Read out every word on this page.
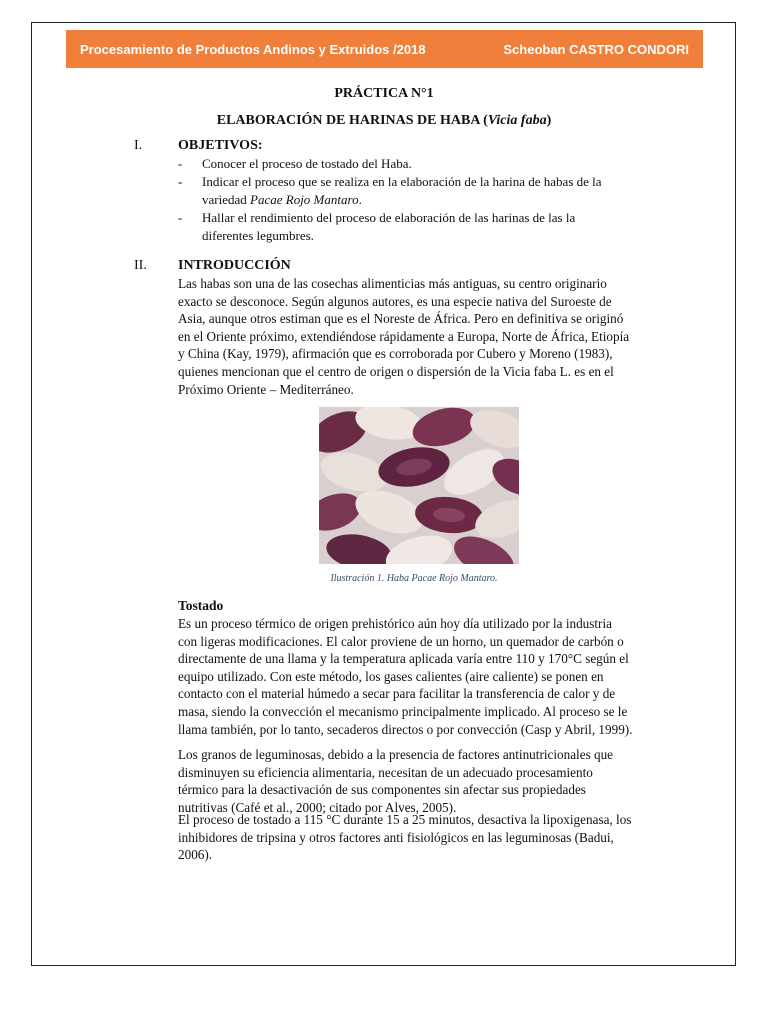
Procesamiento de Productos Andinos y Extruidos /2018	Scheoban CASTRO CONDORI
PRÁCTICA N°1
ELABORACIÓN DE HARINAS DE HABA (Vicia faba)
I.	OBJETIVOS:
-	Conocer el proceso de tostado del Haba.
-	Indicar el proceso que se realiza en la elaboración de la harina de habas de la variedad Pacae Rojo Mantaro.
-	Hallar el rendimiento del proceso de elaboración de las harinas de las la diferentes legumbres.
II. INTRODUCCIÓN

Las habas son una de las cosechas alimenticias más antiguas, su centro originario exacto se desconoce. Según algunos autores, es una especie nativa del Suroeste de Asia, aunque otros estiman que es el Noreste de África. Pero en definitiva se originó en el Oriente próximo, extendiéndose rápidamente a Europa, Norte de África, Etiopía y China (Kay, 1979), afirmación que es corroborada por Cubero y Moreno (1983), quienes mencionan que el centro de origen o dispersión de la Vicia faba L. es en el Próximo Oriente – Mediterráneo.

Ilustración 1. Haba Pacae Rojo Mantaro.
Tostado

Es un proceso térmico de origen prehistórico aún hoy día utilizado por la industria con ligeras modificaciones. El calor proviene de un horno, un quemador de carbón o directamente de una llama y la temperatura aplicada varía entre 110 y 170°C según el equipo utilizado. Con este método, los gases calientes (aire caliente) se ponen en contacto con el material húmedo a secar para facilitar la transferencia de calor y de masa, siendo la convección el mecanismo principalmente implicado. Al proceso se le llama también, por lo tanto, secaderos directos o por convección (Casp y Abril, 1999).

Los granos de leguminosas, debido a la presencia de factores antinutricionales que disminuyen su eficiencia alimentaria, necesitan de un adecuado procesamiento térmico para la desactivación de sus componentes sin afectar sus propiedades nutritivas (Café et al., 2000; citado por Alves, 2005).

El proceso de tostado a 115 °C durante 15 a 25 minutos, desactiva la lipoxigenasa, los inhibidores de tripsina y otros factores anti fisiológicos en las leguminosas (Badui, 2006).
